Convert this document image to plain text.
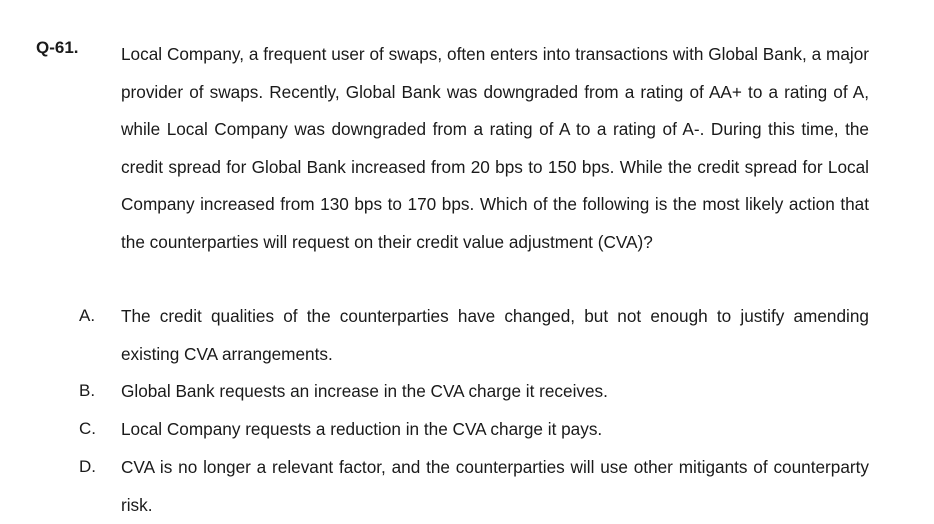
Q-61. Local Company, a frequent user of swaps, often enters into transactions with Global Bank, a major provider of swaps. Recently, Global Bank was downgraded from a rating of AA+ to a rating of A, while Local Company was downgraded from a rating of A to a rating of A-. During this time, the credit spread for Global Bank increased from 20 bps to 150 bps. While the credit spread for Local Company increased from 130 bps to 170 bps. Which of the following is the most likely action that the counterparties will request on their credit value adjustment (CVA)?

A. The credit qualities of the counterparties have changed, but not enough to justify amending existing CVA arrangements.
B. Global Bank requests an increase in the CVA charge it receives.
C. Local Company requests a reduction in the CVA charge it pays.
D. CVA is no longer a relevant factor, and the counterparties will use other mitigants of counterparty risk.
